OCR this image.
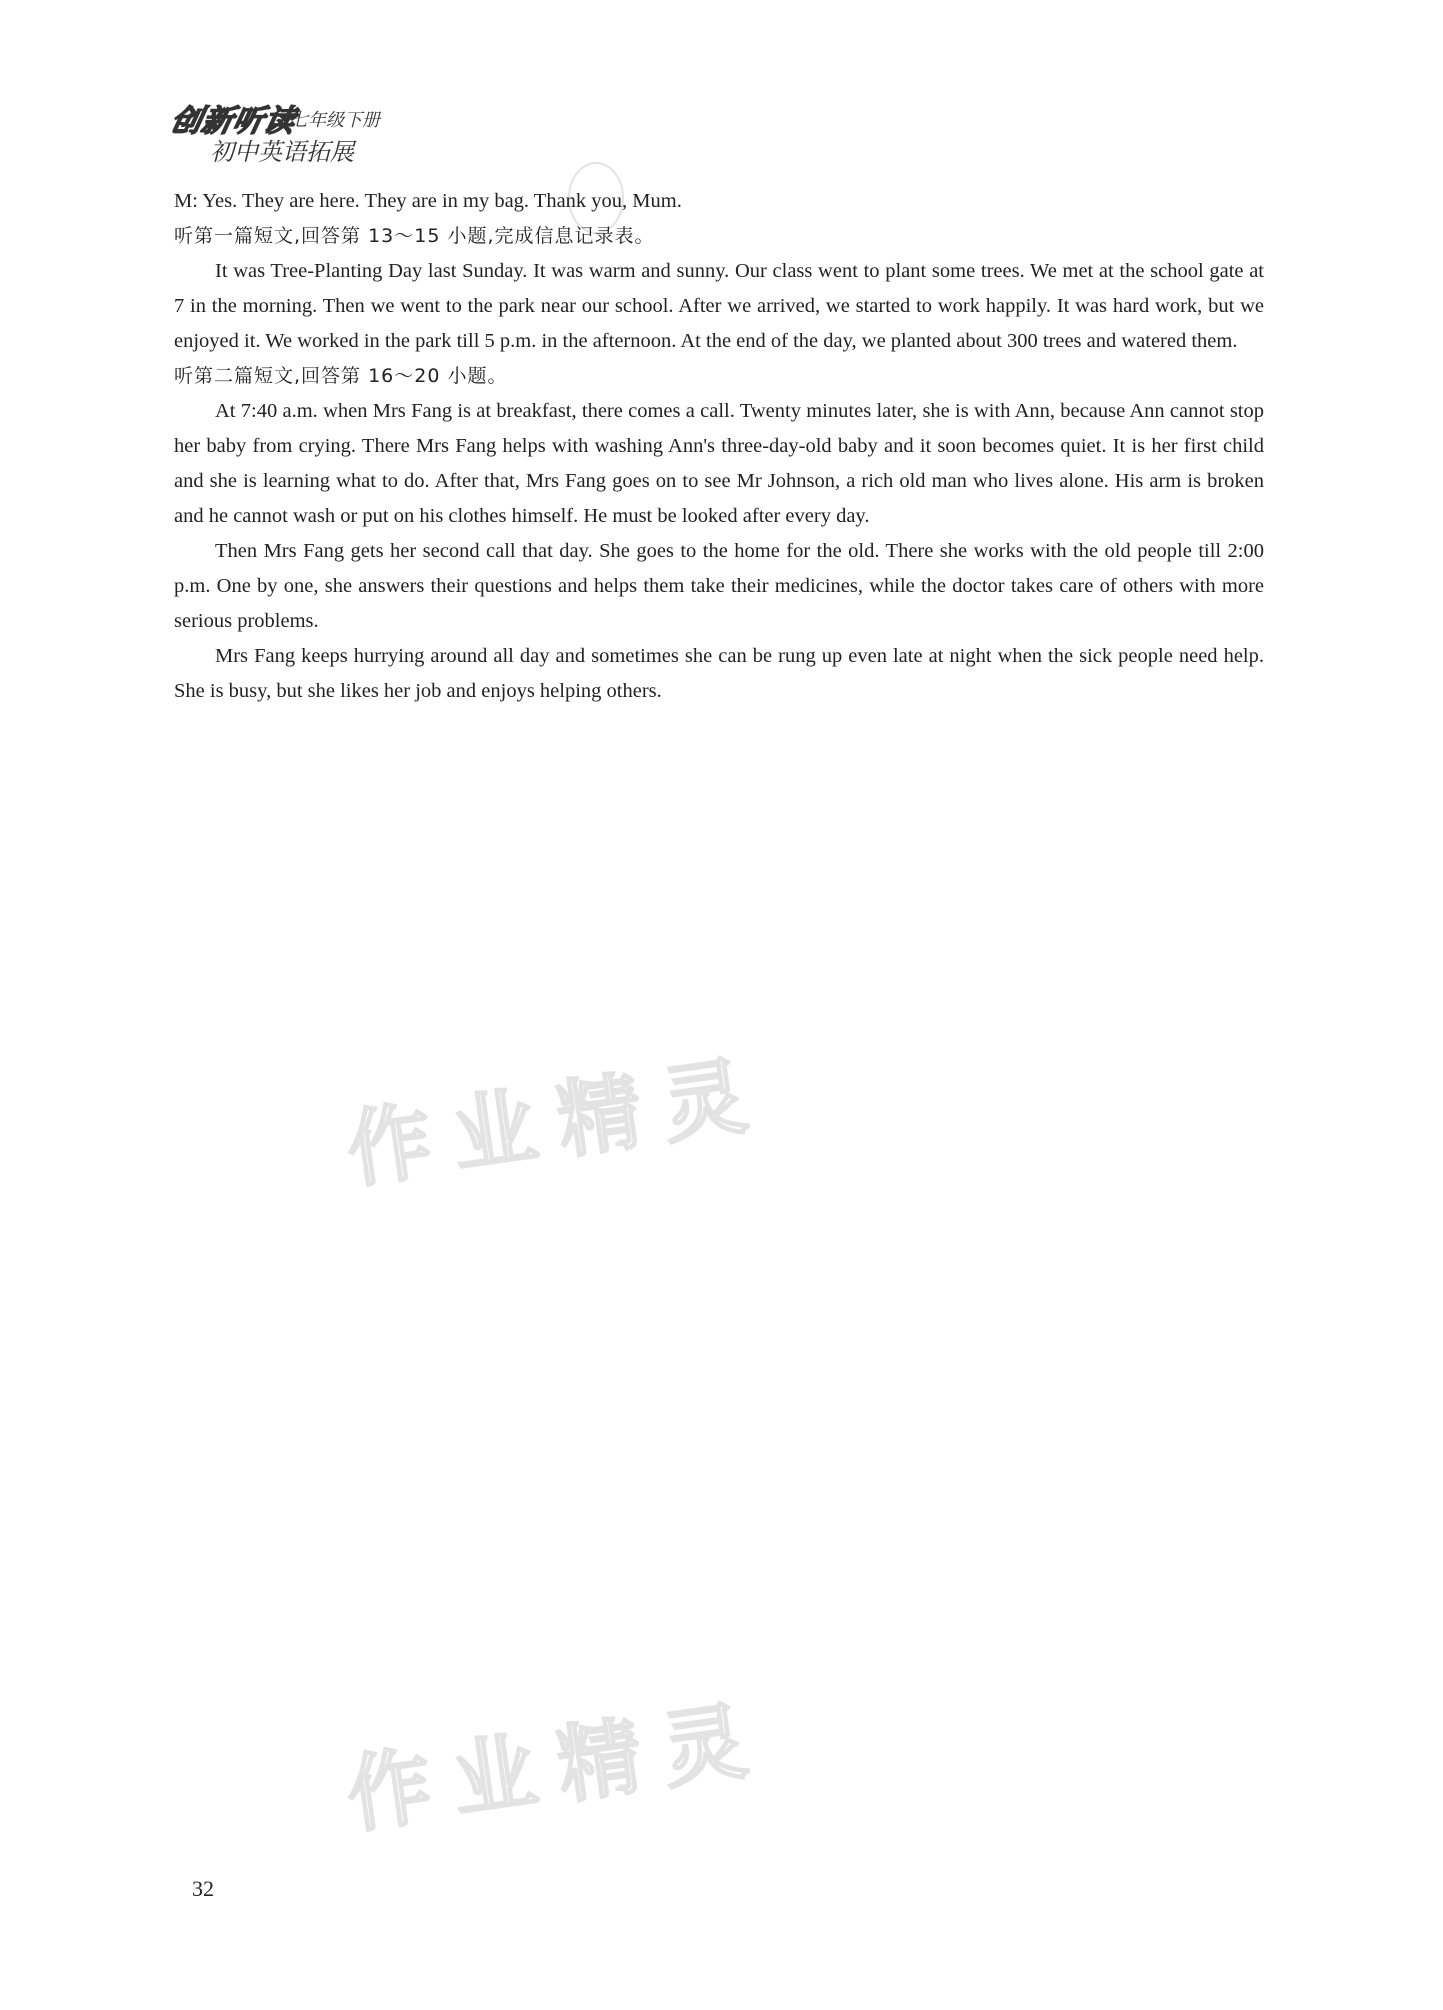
创新听读
七年级下册
初中英语拓展

M: Yes. They are here. They are in my bag. Thank you, Mum.

听第一篇短文,回答第 13～15 小题,完成信息记录表。

It was Tree-Planting Day last Sunday. It was warm and sunny. Our class went to plant some trees. We met at the school gate at 7 in the morning. Then we went to the park near our school. After we arrived, we started to work happily. It was hard work, but we enjoyed it. We worked in the park till 5 p.m. in the afternoon. At the end of the day, we planted about 300 trees and watered them.

听第二篇短文,回答第 16～20 小题。

At 7:40 a.m. when Mrs Fang is at breakfast, there comes a call. Twenty minutes later, she is with Ann, because Ann cannot stop her baby from crying. There Mrs Fang helps with washing Ann's three-day-old baby and it soon becomes quiet. It is her first child and she is learning what to do. After that, Mrs Fang goes on to see Mr Johnson, a rich old man who lives alone. His arm is broken and he cannot wash or put on his clothes himself. He must be looked after every day.

Then Mrs Fang gets her second call that day. She goes to the home for the old. There she works with the old people till 2:00 p.m. One by one, she answers their questions and helps them take their medicines, while the doctor takes care of others with more serious problems.

Mrs Fang keeps hurrying around all day and sometimes she can be rung up even late at night when the sick people need help. She is busy, but she likes her job and enjoys helping others.

作业精灵
作业精灵
32
